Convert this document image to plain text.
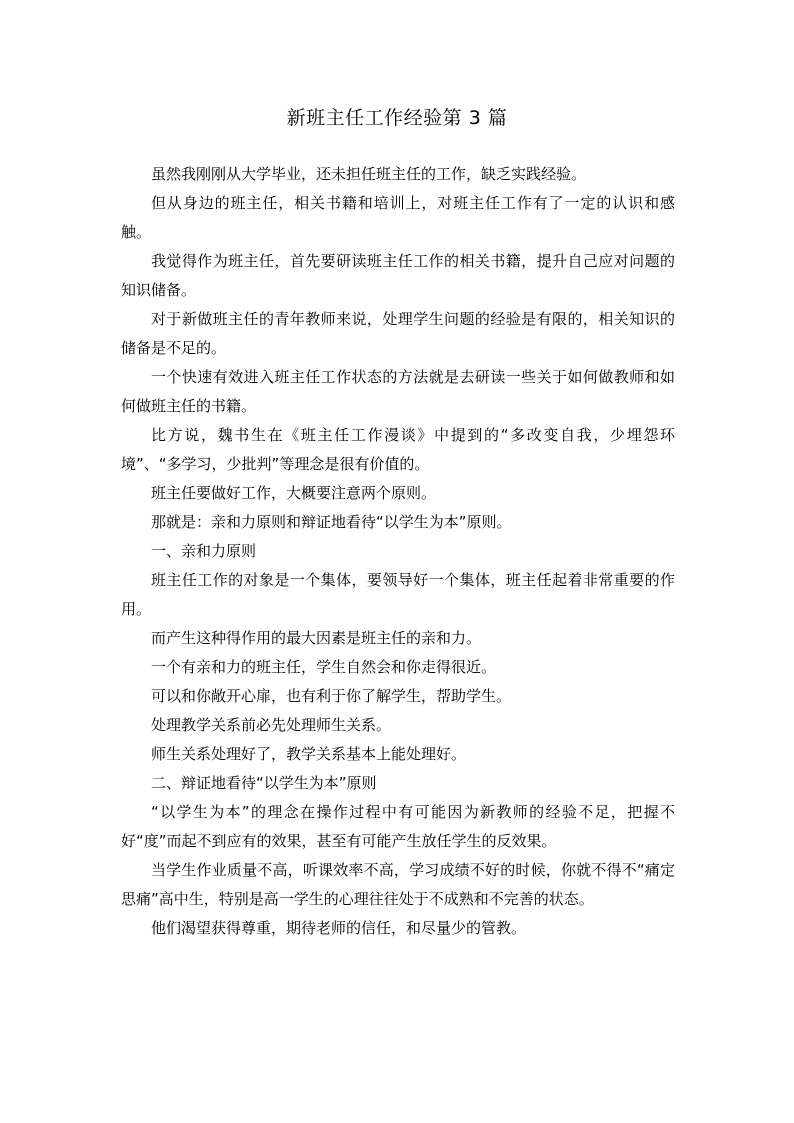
新班主任工作经验第 3 篇

虽然我刚刚从大学毕业，还未担任班主任的工作，缺乏实践经验。

但从身边的班主任，相关书籍和培训上，对班主任工作有了一定的认识和感触。

我觉得作为班主任，首先要研读班主任工作的相关书籍，提升自己应对问题的知识储备。

对于新做班主任的青年教师来说，处理学生问题的经验是有限的，相关知识的储备是不足的。

一个快速有效进入班主任工作状态的方法就是去研读一些关于如何做教师和如何做班主任的书籍。

比方说，魏书生在《班主任工作漫谈》中提到的“多改变自我，少埋怨环境”、“多学习，少批判”等理念是很有价值的。

班主任要做好工作，大概要注意两个原则。

那就是：亲和力原则和辩证地看待“以学生为本”原则。

一、亲和力原则

班主任工作的对象是一个集体，要领导好一个集体，班主任起着非常重要的作用。

而产生这种得作用的最大因素是班主任的亲和力。

一个有亲和力的班主任，学生自然会和你走得很近。

可以和你敞开心扉，也有利于你了解学生，帮助学生。

处理教学关系前必先处理师生关系。

师生关系处理好了，教学关系基本上能处理好。

二、辩证地看待“以学生为本”原则

“以学生为本”的理念在操作过程中有可能因为新教师的经验不足，把握不好“度”而起不到应有的效果，甚至有可能产生放任学生的反效果。

当学生作业质量不高，听课效率不高，学习成绩不好的时候，你就不得不“痛定思痛”高中生，特别是高一学生的心理往往处于不成熟和不完善的状态。

他们渴望获得尊重，期待老师的信任，和尽量少的管教。
